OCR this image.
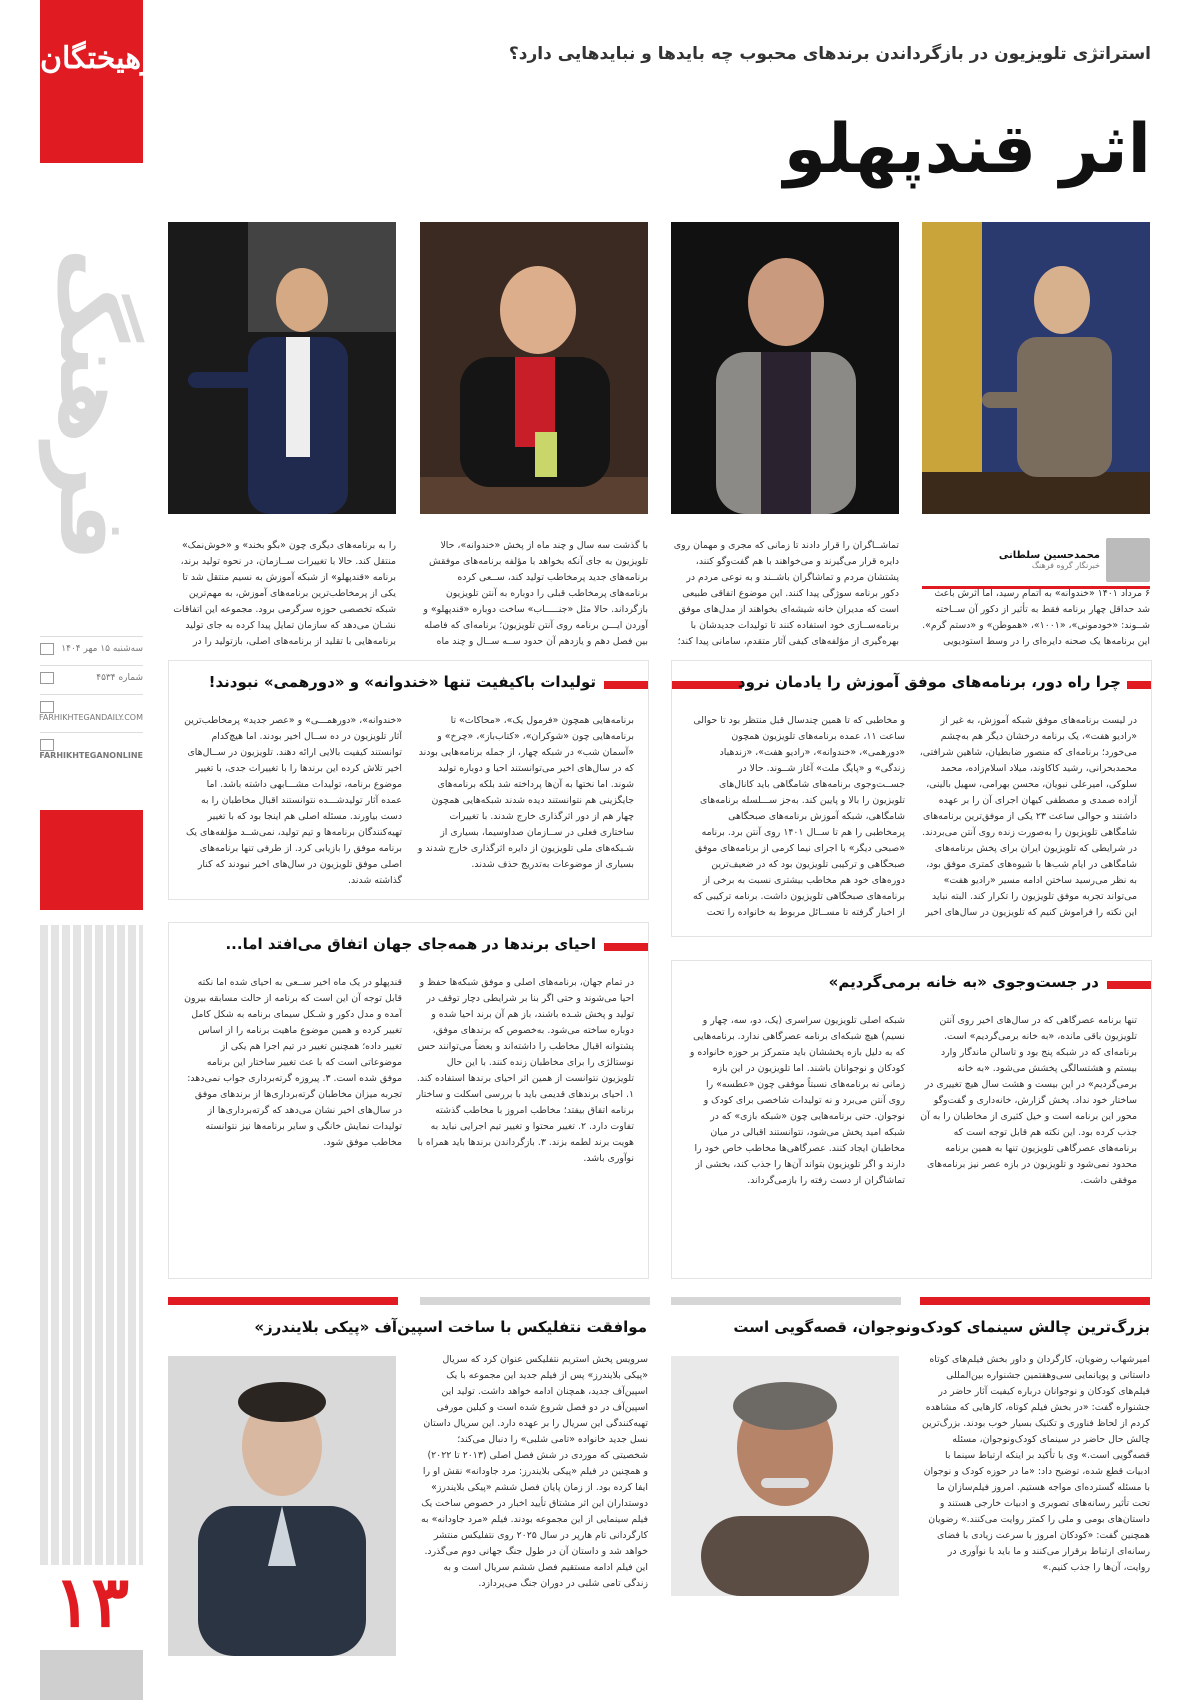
فرهیختگان
فرهنگ
سه‌شنبه ۱۵ مهر ۱۴۰۴
شماره ۴۵۳۴
FARHIKHTEGANDAILY.COM
FARHIKHTEGANONLINE
۱۳
استراتژی تلویزیون در بازگرداندن برندهای محبوب چه بایدها و نبایدهایی دارد؟
اثر قندپهلو
محمدحسین سلطانی
خبرنگار گروه فرهنگ
۶ مرداد ۱۴۰۱ «خندوانه» به اتمام رسید، اما اثرش باعث شد حداقل چهار برنامه فقط به تأثیر از دکور آن ســاخته شــوند: «خودمونی»، «۱۰۰۱»، «هموطن» و «دستم گرم». این برنامه‌ها یک صحنه دایره‌ای را در وسط استودیویی
تماشــاگران را قرار دادند تا زمانی که مجری و مهمان روی دایره قرار می‌گیرند و می‌خواهند با هم گفت‌وگو کنند، پشتشان مردم و تماشاگران باشــند و به نوعی مردم در دکور برنامه سوژگی پیدا کنند. این موضوع اتفاقی طبیعی است که مدیران خانه شیشه‌ای بخواهند از مدل‌های موفق برنامه‌ســازی خود استفاده کنند تا تولیدات جدیدشان با بهره‌گیری از مؤلفه‌های کیفی آثار متقدم، سامانی پیدا کند؛
با گذشت سه سال و چند ماه از پخش «خندوانه»، حالا تلویزیون به جای آنکه بخواهد با مؤلفه برنامه‌های موفقش برنامه‌های جدید پرمخاطب تولید کند، ســعی کرده برنامه‌های پرمخاطب قبلی را دوباره به آنتن تلویزیون بازگرداند. حالا مثل «جنـــــاب» ساخت دوباره «قندپهلو» و آوردن ایـــن برنامه روی آنتن تلویزیون؛ برنامه‌ای که فاصله بین فصل دهم و یازدهم آن حدود ســه ســال و چند ماه
را به برنامه‌های دیگری چون «بگو بخند» و «خوش‌نمک» منتقل کند. حالا با تغییرات ســازمان، در نحوه تولید برند، برنامه «قندپهلو» از شبکه آموزش به نسیم منتقل شد تا یکی از پرمخاطب‌ترین برنامه‌های آموزش، به مهم‌ترین شبکه تخصصی حوزه سرگرمی برود. مجموعه این اتفاقات نشـان می‌دهد که سازمان تمایل پیدا کرده به جای تولید برنامه‌هایی با تقلید از برنامه‌های اصلی، بازتولید را در
چرا راه دور، برنامه‌های موفق آموزش را یادمان نرود
در لیست برنامه‌های موفق شبکه آموزش، به غیر از «رادیو هفت»، یک برنامه درخشان دیگر هم به‌چشم می‌خورد؛ برنامه‌ای که منصور ضابطیان، شاهین شرافتی، محمدبحرانی، رشید کاکاوند، میلاد اسلام‌زاده، محمد سلوکی، امیرعلی نبویان، محسن بهرامی، سهیل بالینی، آزاده صمدی و مصطفی کیهان اجرای آن را بر عهده داشتند و حوالی ساعت ۲۳ یکی از موفق‌ترین برنامه‌های شامگاهی تلویزیون را به‌صورت زنده روی آنتن می‌بردند. در شرایطی که تلویزیون ایران برای پخش برنامه‌های شامگاهی در ایام شب‌ها با شیوه‌های کمتری موفق بود، به نظر می‌رسید ساختن ادامه مسیر «رادیو هفت» می‌تواند تجربه موفق تلویزیون را تکرار کند. البته نباید این نکته را فراموش کنیم که تلویزیون در سال‌های اخیر
و مخاطبی که تا همین چندسال قبل منتظر بود تا حوالی ساعت ۱۱، عمده برنامه‌های تلویزیون همچون «دورهمی»، «خندوانه»، «رادیو هفت»، «زندهباد زندگی» و «پایگ ملت» آغاز شــوند. حالا در جســت‌وجوی برنامه‌های شامگاهی باید کانال‌های تلویزیون را بالا و پایین کند. به‌جز ســـلسله برنامه‌های شامگاهی، شبکه آموزش برنامه‌های صبحگاهی پرمخاطبی را هم تا ســال ۱۴۰۱ روی آنتن برد. برنامه «صبحی دیگر» با اجرای نیما کرمی از برنامه‌های موفق صبحگاهی و ترکیبی تلویزیون بود که در ضعیف‌ترین دوره‌های خود هم مخاطب بیشتری نسبت به برخی از برنامه‌های صبحگاهی تلویزیون داشت. برنامه ترکیبی که از اخبار گرفته تا مســائل مربوط به خانواده را تحت
تولیدات باکیفیت تنها «خندوانه» و «دورهمی» نبودند!
برنامه‌هایی همچون «فرمول یک»، «محاکات» تا برنامه‌هایی چون «شوکران»، «کتاب‌باز»، «چرخ» و «آسمان شب» در شبکه چهار، از جمله برنامه‌هایی بودند که در سال‌های اخیر می‌توانستند احیا و دوباره تولید شوند. اما نختها به آن‌ها پرداخته شد بلکه برنامه‌های جایگزینی هم نتوانستند دیده شدند شبکه‌هایی همچون چهار هم از دور اثرگذاری خارج شدند. با تغییرات ساختاری فعلی در ســازمان صداوسیما، بسیاری از شـبکه‌های ملی تلویزیون از دایره اثرگذاری خارج شدند و بسیاری از موضوعات به‌تدریج حذف شدند.
«خندوانه»، «دورهمـــی» و «عصر جدید» پرمخاطب‌ترین آثار تلویزیون در ده ســال اخیر بودند. اما هیچ‌کدام توانستند کیفیت بالایی ارائه دهند. تلویزیون در ســال‌های اخیر تلاش کرده این برندها را با تغییرات جدی، با تغییر موضوع برنامه، تولیدات مشـــابهی داشته باشد. اما عمده آثار تولیدشـــده نتوانستند اقبال مخاطبان را به دست بیاورند. مسئله اصلی هم اینجا بود که با تغییر تهیه‌کنندگان برنامه‌ها و تیم تولید، نمی‌شــد مؤلفه‌های یک برنامه موفق را بازیابی کرد. از طرفی تنها برنامه‌های اصلی موفق تلویزیون در سال‌های اخیر نبودند که کنار گذاشته شدند.
احیای برندها در همه‌جای جهان اتفاق می‌افتد اما...
در تمام جهان، برنامه‌های اصلی و موفق شبکه‌ها حفظ و احیا می‌شوند و حتی اگر بنا بر شرایطی دچار توقف در تولید و پخش شـده باشند، باز هم آن برند احیا شده و دوباره ساخته می‌شود. به‌خصوص که برندهای موفق، پشتوانه اقبال مخاطب را داشته‌اند و بعضاً می‌توانند حس نوستالژی را برای مخاطبان زنده کنند. با این حال تلویزیون نتوانست از همین اثر احیای برندها استفاده کند. ۱. احیای برندهای قدیمی باید با بررسی اسکلت و ساختار برنامه اتفاق بیفتد؛ مخاطب امروز با مخاطب گذشته تفاوت دارد. ۲. تغییر محتوا و تغییر تیم اجرایی نباید به هویت برند لطمه بزند. ۳. بازگرداندن برندها باید همراه با نوآوری باشد.
قندپهلو در یک ماه اخیر ســعی به احیای شده اما نکته قابل توجه آن این است که برنامه از حالت مسابقه بیرون آمده و مدل دکور و شـكل سیمای برنامه به شکل کامل تغییر کرده و همین موضوع ماهیت برنامه را از اساس تغییر داده؛ همچنین تغییر در تیم اجرا هم یکی از موضوعاتی است که با عث تغییر ساختار این برنامه موفق شده است. ۳. پیروزه گرته‌برداری جواب نمی‌دهد: تجربه میزان مخاطبان گرته‌برداری‌ها از برندهای موفق در سال‌های اخیر نشان می‌دهد که گرته‌برداری‌ها از تولیدات نمایش خانگی و سایر برنامه‌ها نیز نتوانسته مخاطب موفق شود.
در جست‌وجوی «به خانه برمی‌گردیم»
تنها برنامه عصرگاهی که در سال‌های اخیر روی آنتن تلویزیون باقی مانده، «به خانه برمی‌گردیم» است. برنامه‌ای که در شبکه پنج بود و تاسالن ماندگار وارد بیستم و هشتسالگی پخشش می‌شود. «به خانه برمی‌گردیم» در این بیست و هشت سال هیچ تغییری در ساختار خود نداد. پخش گزارش، خانه‌داری و گفت‌وگو محور این برنامه است و خیل کثیری از مخاطبان را به آن جذب کرده بود. این نکته هم قابل توجه است که برنامه‌های عصرگاهی تلویزیون تنها به همین برنامه محدود نمی‌شود و تلویزیون در بازه عصر نیز برنامه‌های موفقی داشت.
شبکه اصلی تلویزیون سراسری (یک، دو، سه، چهار و نسیم) هیچ شبکه‌ای برنامه عصرگاهی ندارد. برنامه‌هایی که به دلیل بازه پخششان باید متمرکز بر حوزه خانواده و کودکان و نوجوانان باشند. اما تلویزیون در این بازه زمانی نه برنامه‌های نسبتاً موفقی چون «عطسه» را روی آنتن می‌برد و نه تولیدات شاخصی برای کودک و نوجوان. حتی برنامه‌هایی چون «شبکه بازی» که در شبکه امید پخش می‌شود، نتوانستند اقبالی در میان مخاطبان ایجاد کنند. عصرگاهی‌ها مخاطب خاص خود را دارند و اگر تلویزیون بتواند آن‌ها را جذب کند، بخشی از تماشاگران از دست رفته را بازمی‌گرداند.
بزرگ‌ترین چالش سینمای کودک‌ونوجوان، قصه‌گویی است
امیرشهاب رضویان، کارگردان و داور بخش فیلم‌های کوتاه داستانی و پویانمایی سی‌وهفتمین جشنواره بین‌المللی فیلم‌های کودکان و نوجوانان درباره کیفیت آثار حاضر در جشنواره گفت: «در بخش فیلم کوتاه، کارهایی که مشاهده کردم از لحاظ فناوری و تکنیک بسیار خوب بودند. بزرگ‌ترین چالش حال حاضر در سینمای کودک‌ونوجوان، مسئله قصه‌گویی است.» وی با تأکید بر اینکه ارتباط سینما با ادبیات قطع شده، توضیح داد: «ما در حوزه کودک و نوجوان با مسئله گسترده‌ای مواجه هستیم. امروز فیلم‌سازان ما تحت تأثیر رسانه‌های تصویری و ادبیات خارجی هستند و داستان‌های بومی و ملی را کمتر روایت می‌کنند.» رضویان همچنین گفت: «کودکان امروز با سرعت زیادی با فضای رسانه‌ای ارتباط برقرار می‌کنند و ما باید با نوآوری در روایت، آن‌ها را جذب کنیم.»
موافقت نتفلیکس با ساخت اسپین‌آف «پیکی بلایندرز»
سرویس پخش استریم نتفلیکس عنوان کرد که سریال «پیکی بلایندرز» پس از فیلم جدید این مجموعه با یک اسپین‌آف جدید، همچنان ادامه خواهد داشت. تولید این اسپین‌آف در دو فصل شروع شده است و کیلین مورفی تهیه‌کنندگی این سریال را بر عهده دارد. این سریال داستان نسل جدید خانواده «تامی شلبی» را دنبال می‌کند؛ شخصیتی که موردی در شش فصل اصلی (۲۰۱۳ تا ۲۰۲۲) و همچنین در فیلم «پیکی بلایندرز: مرد جاودانه» نقش او را ایفا کرده بود. از زمان پایان فصل ششم «پیکی بلایندرز» دوستداران این اثر مشتاق تأیید اخبار در خصوص ساخت یک فیلم سینمایی از این مجموعه بودند. فیلم «مرد جاودانه» به کارگردانی تام هارپر در سال ۲۰۲۵ روی نتفلیکس منتشر خواهد شد و داستان آن در طول جنگ جهانی دوم می‌گذرد. این فیلم ادامه مستقیم فصل ششم سریال است و به زندگی تامی شلبی در دوران جنگ می‌پردازد.
